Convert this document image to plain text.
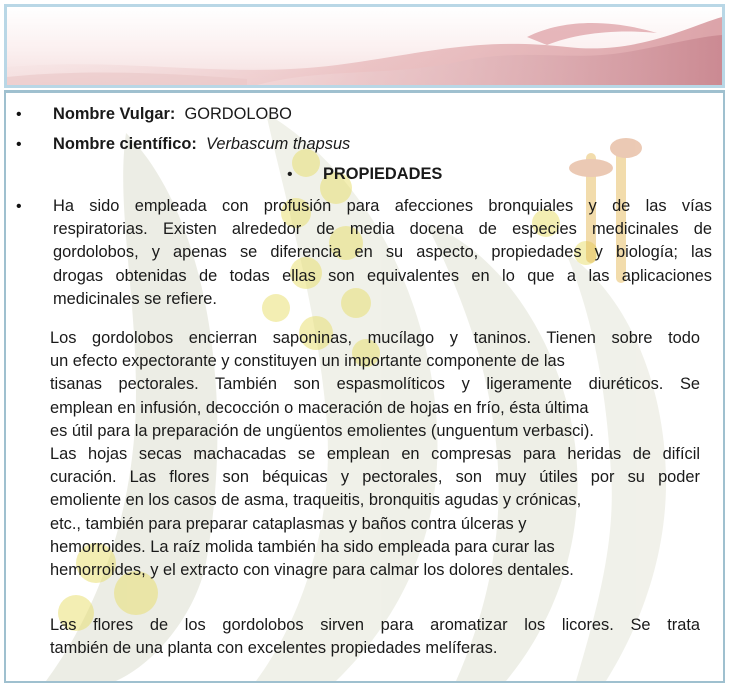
• Nombre Vulgar: GORDOLOBO
• Nombre científico: Verbascum thapsus
• PROPIEDADES
• Ha sido empleada con profusión para afecciones bronquiales y de las vías
respiratorias. Existen alrededor de media docena de especies medicinales de
gordolobos, y apenas se diferencia en su aspecto, propiedades y biología; las
drogas obtenidas de todas ellas son equivalentes en lo que a las aplicaciones
medicinales se refiere.
Los gordolobos encierran saponinas, mucílago y taninos. Tienen sobre todo
un efecto expectorante y constituyen un importante componente de las
tisanas pectorales. También son espasmolíticos y ligeramente diuréticos. Se
emplean en infusión, decocción o maceración de hojas en frío, ésta última
es útil para la preparación de ungüentos emolientes (unguentum verbasci).
Las hojas secas machacadas se emplean en compresas para heridas de difícil
curación. Las flores son béquicas y pectorales, son muy útiles por su poder
emoliente en los casos de asma, traqueitis, bronquitis agudas y crónicas,
etc., también para preparar cataplasmas y baños contra úlceras y
hemorroides. La raíz molida también ha sido empleada para curar las
hemorroides, y el extracto con vinagre para calmar los dolores dentales.
Las flores de los gordolobos sirven para aromatizar los licores. Se trata
también de una planta con excelentes propiedades melíferas.
